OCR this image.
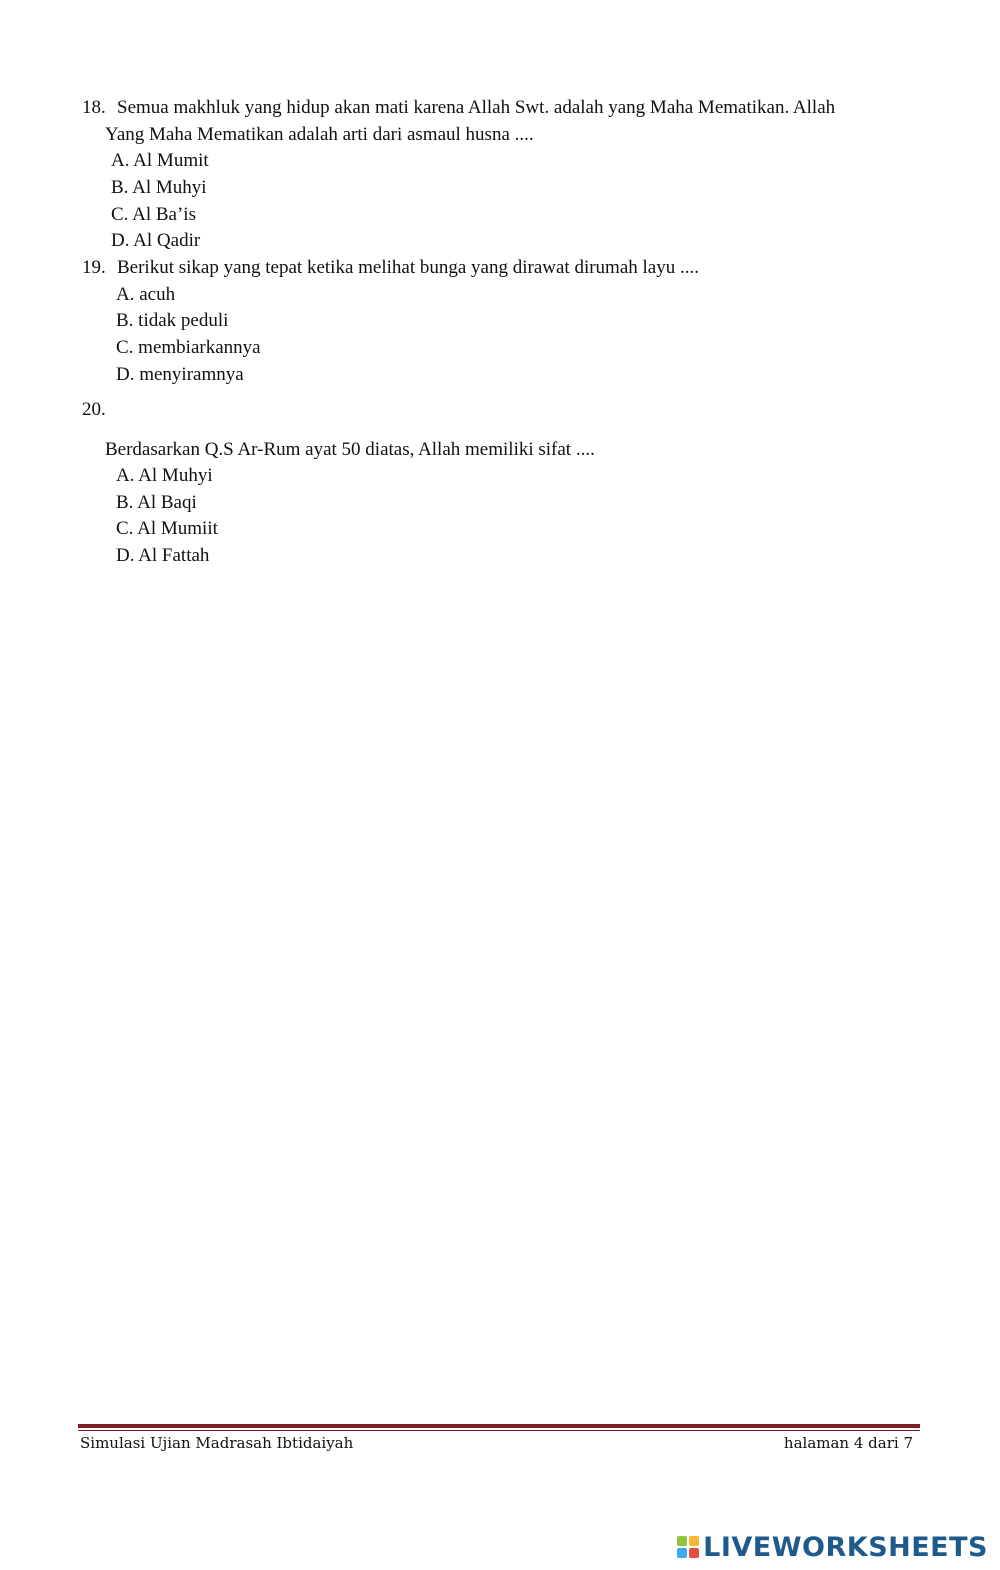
18. Semua makhluk yang hidup akan mati karena Allah Swt. adalah yang Maha Mematikan. Allah
Yang Maha Mematikan adalah arti dari asmaul husna ....
A. Al Mumit
B. Al Muhyi
C. Al Ba’is
D. Al Qadir
19. Berikut sikap yang tepat ketika melihat bunga yang dirawat dirumah layu ....
A. acuh
B. tidak peduli
C. membiarkannya
D. menyiramnya
20.
Berdasarkan Q.S Ar-Rum ayat 50 diatas, Allah memiliki sifat ....
A. Al Muhyi
B. Al Baqi
C. Al Mumiit
D. Al Fattah
Simulasi Ujian Madrasah Ibtidaiyah	halaman 4 dari 7
LIVEWORKSHEETS
